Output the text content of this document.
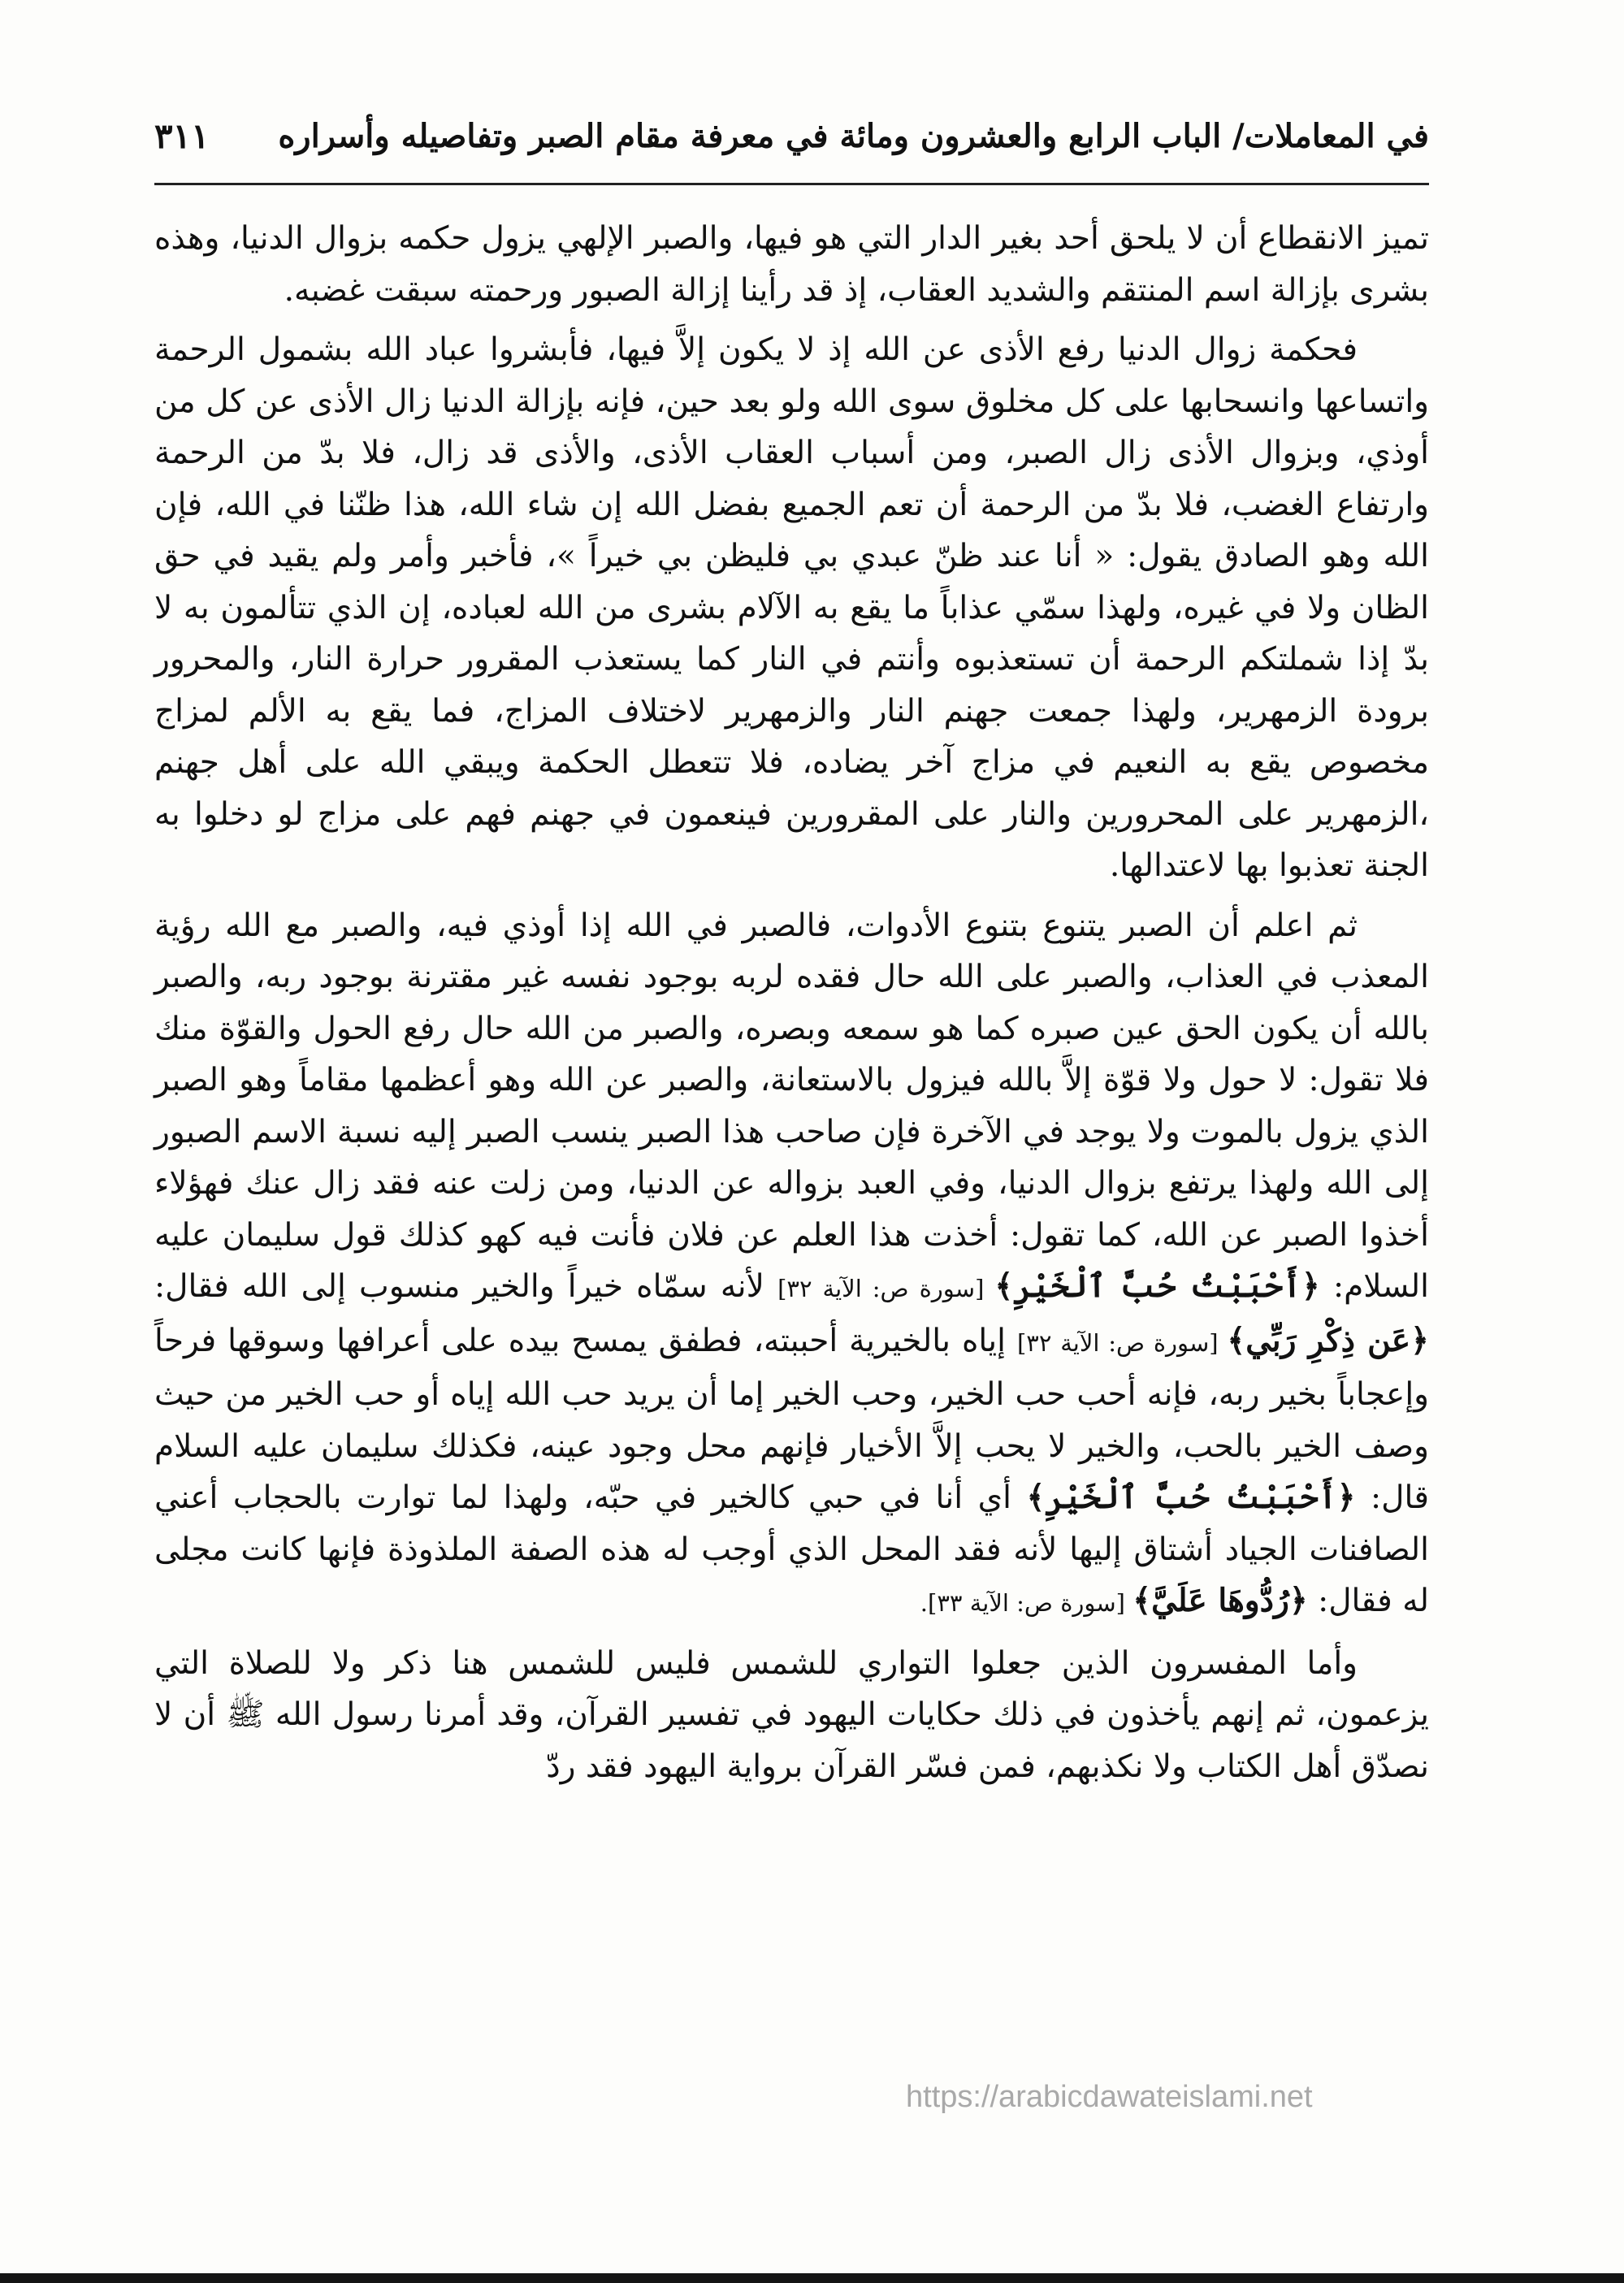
في المعاملات/ الباب الرابع والعشرون ومائة في معرفة مقام الصبر وتفاصيله وأسراره
٣١١

تميز الانقطاع أن لا يلحق أحد بغير الدار التي هو فيها، والصبر الإلهي يزول حكمه بزوال الدنيا، وهذه بشرى بإزالة اسم المنتقم والشديد العقاب، إذ قد رأينا إزالة الصبور ورحمته سبقت غضبه.

فحكمة زوال الدنيا رفع الأذى عن الله إذ لا يكون إلاَّ فيها، فأبشروا عباد الله بشمول الرحمة واتساعها وانسحابها على كل مخلوق سوى الله ولو بعد حين، فإنه بإزالة الدنيا زال الأذى عن كل من أوذي، وبزوال الأذى زال الصبر، ومن أسباب العقاب الأذى، والأذى قد زال، فلا بدّ من الرحمة وارتفاع الغضب، فلا بدّ من الرحمة أن تعم الجميع بفضل الله إن شاء الله، هذا ظنّنا في الله، فإن الله وهو الصادق يقول: « أنا عند ظنّ عبدي بي فليظن بي خيراً »، فأخبر وأمر ولم يقيد في حق الظان ولا في غيره، ولهذا سمّي عذاباً ما يقع به الآلام بشرى من الله لعباده، إن الذي تتألمون به لا بدّ إذا شملتكم الرحمة أن تستعذبوه وأنتم في النار كما يستعذب المقرور حرارة النار، والمحرور برودة الزمهرير، ولهذا جمعت جهنم النار والزمهرير لاختلاف المزاج، فما يقع به الألم لمزاج مخصوص يقع به النعيم في مزاج آخر يضاده، فلا تتعطل الحكمة ويبقي الله على أهل جهنم ،الزمهرير على المحرورين والنار على المقرورين فينعمون في جهنم فهم على مزاج لو دخلوا به الجنة تعذبوا بها لاعتدالها.

ثم اعلم أن الصبر يتنوع بتنوع الأدوات، فالصبر في الله إذا أوذي فيه، والصبر مع الله رؤية المعذب في العذاب، والصبر على الله حال فقده لربه بوجود نفسه غير مقترنة بوجود ربه، والصبر بالله أن يكون الحق عين صبره كما هو سمعه وبصره، والصبر من الله حال رفع الحول والقوّة منك فلا تقول: لا حول ولا قوّة إلاَّ بالله فيزول بالاستعانة، والصبر عن الله وهو أعظمها مقاماً وهو الصبر الذي يزول بالموت ولا يوجد في الآخرة فإن صاحب هذا الصبر ينسب الصبر إليه نسبة الاسم الصبور إلى الله ولهذا يرتفع بزوال الدنيا، وفي العبد بزواله عن الدنيا، ومن زلت عنه فقد زال عنك فهؤلاء أخذوا الصبر عن الله، كما تقول: أخذت هذا العلم عن فلان فأنت فيه كهو كذلك قول سليمان عليه السلام: ﴿أَحْبَبْتُ حُبَّ ٱلْخَيْرِ﴾ [سورة ص: الآية ٣٢] لأنه سمّاه خيراً والخير منسوب إلى الله فقال: ﴿عَن ذِكْرِ رَبِّي﴾ [سورة ص: الآية ٣٢] إياه بالخيرية أحببته، فطفق يمسح بيده على أعرافها وسوقها فرحاً وإعجاباً بخير ربه، فإنه أحب حب الخير، وحب الخير إما أن يريد حب الله إياه أو حب الخير من حيث وصف الخير بالحب، والخير لا يحب إلاَّ الأخيار فإنهم محل وجود عينه، فكذلك سليمان عليه السلام قال: ﴿أَحْبَبْتُ حُبَّ ٱلْخَيْرِ﴾ أي أنا في حبي كالخير في حبّه، ولهذا لما توارت بالحجاب أعني الصافنات الجياد أشتاق إليها لأنه فقد المحل الذي أوجب له هذه الصفة الملذوذة فإنها كانت مجلى له فقال: ﴿رُدُّوهَا عَلَيَّ﴾ [سورة ص: الآية ٣٣].

وأما المفسرون الذين جعلوا التواري للشمس فليس للشمس هنا ذكر ولا للصلاة التي يزعمون، ثم إنهم يأخذون في ذلك حكايات اليهود في تفسير القرآن، وقد أمرنا رسول الله ﷺ أن لا نصدّق أهل الكتاب ولا نكذبهم، فمن فسّر القرآن برواية اليهود فقد ردّ

https://arabicdawateislami.net
